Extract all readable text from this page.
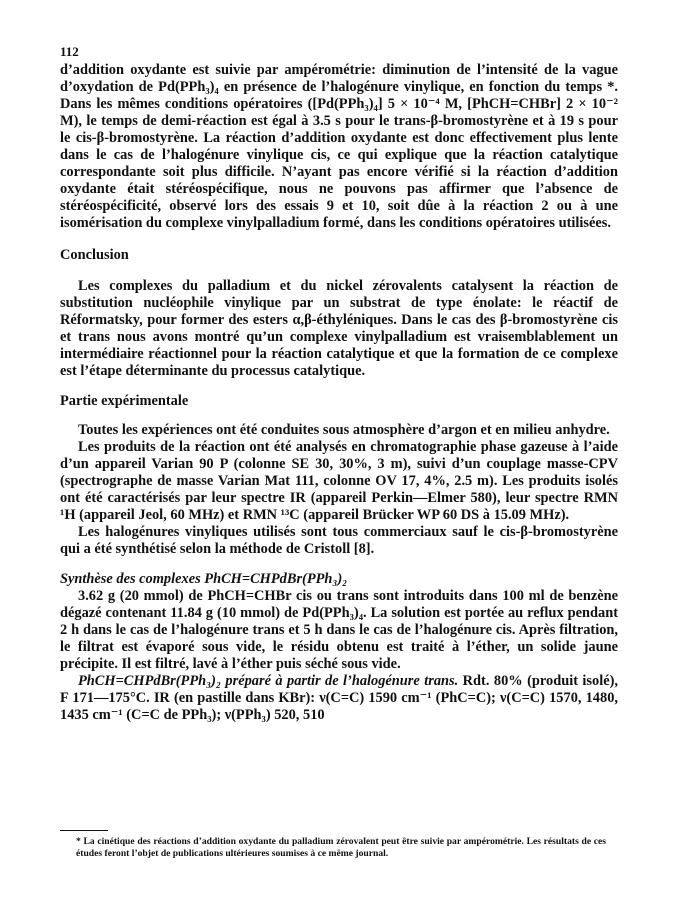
112

d’addition oxydante est suivie par ampérométrie: diminution de l’intensité de la vague d’oxydation de Pd(PPh₃)₄ en présence de l’halogénure vinylique, en fonction du temps *. Dans les mêmes conditions opératoires ([Pd(PPh₃)₄] 5 × 10⁻⁴ M, [PhCH=CHBr] 2 × 10⁻² M), le temps de demi-réaction est égal à 3.5 s pour le trans-β-bromostyrène et à 19 s pour le cis-β-bromostyrène. La réaction d’addition oxydante est donc effectivement plus lente dans le cas de l’halogénure vinylique cis, ce qui explique que la réaction catalytique correspondante soit plus difficile. N’ayant pas encore vérifié si la réaction d’addition oxydante était stéréospécifique, nous ne pouvons pas affirmer que l’absence de stéréospécificité, observé lors des essais 9 et 10, soit dûe à la réaction 2 ou à une isomérisation du complexe vinylpalladium formé, dans les conditions opératoires utilisées.

Conclusion

Les complexes du palladium et du nickel zérovalents catalysent la réaction de substitution nucléophile vinylique par un substrat de type énolate: le réactif de Réformatsky, pour former des esters α,β-éthyléniques. Dans le cas des β-bromostyrène cis et trans nous avons montré qu’un complexe vinylpalladium est vraisemblablement un intermédiaire réactionnel pour la réaction catalytique et que la formation de ce complexe est l’étape déterminante du processus catalytique.

Partie expérimentale

Toutes les expériences ont été conduites sous atmosphère d’argon et en milieu anhydre.

Les produits de la réaction ont été analysés en chromatographie phase gazeuse à l’aide d’un appareil Varian 90 P (colonne SE 30, 30%, 3 m), suivi d’un couplage masse-CPV (spectrographe de masse Varian Mat 111, colonne OV 17, 4%, 2.5 m). Les produits isolés ont été caractérisés par leur spectre IR (appareil Perkin—Elmer 580), leur spectre RMN ¹H (appareil Jeol, 60 MHz) et RMN ¹³C (appareil Brücker WP 60 DS à 15.09 MHz).

Les halogénures vinyliques utilisés sont tous commerciaux sauf le cis-β-bromostyrène qui a été synthétisé selon la méthode de Cristoll [8].

Synthèse des complexes PhCH=CHPdBr(PPh₃)₂

3.62 g (20 mmol) de PhCH=CHBr cis ou trans sont introduits dans 100 ml de benzène dégazé contenant 11.84 g (10 mmol) de Pd(PPh₃)₄. La solution est portée au reflux pendant 2 h dans le cas de l’halogénure trans et 5 h dans le cas de l’halogénure cis. Après filtration, le filtrat est évaporé sous vide, le résidu obtenu est traité à l’éther, un solide jaune précipite. Il est filtré, lavé à l’éther puis séché sous vide.

PhCH=CHPdBr(PPh₃)₂ préparé à partir de l’halogénure trans. Rdt. 80% (produit isolé), F 171—175°C. IR (en pastille dans KBr): ν(C=C) 1590 cm⁻¹ (PhC=C); ν(C=C) 1570, 1480, 1435 cm⁻¹ (C=C de PPh₃); ν(PPh₃) 520, 510

* La cinétique des réactions d’addition oxydante du palladium zérovalent peut être suivie par ampérométrie. Les résultats de ces études feront l’objet de publications ultérieures soumises à ce même journal.
